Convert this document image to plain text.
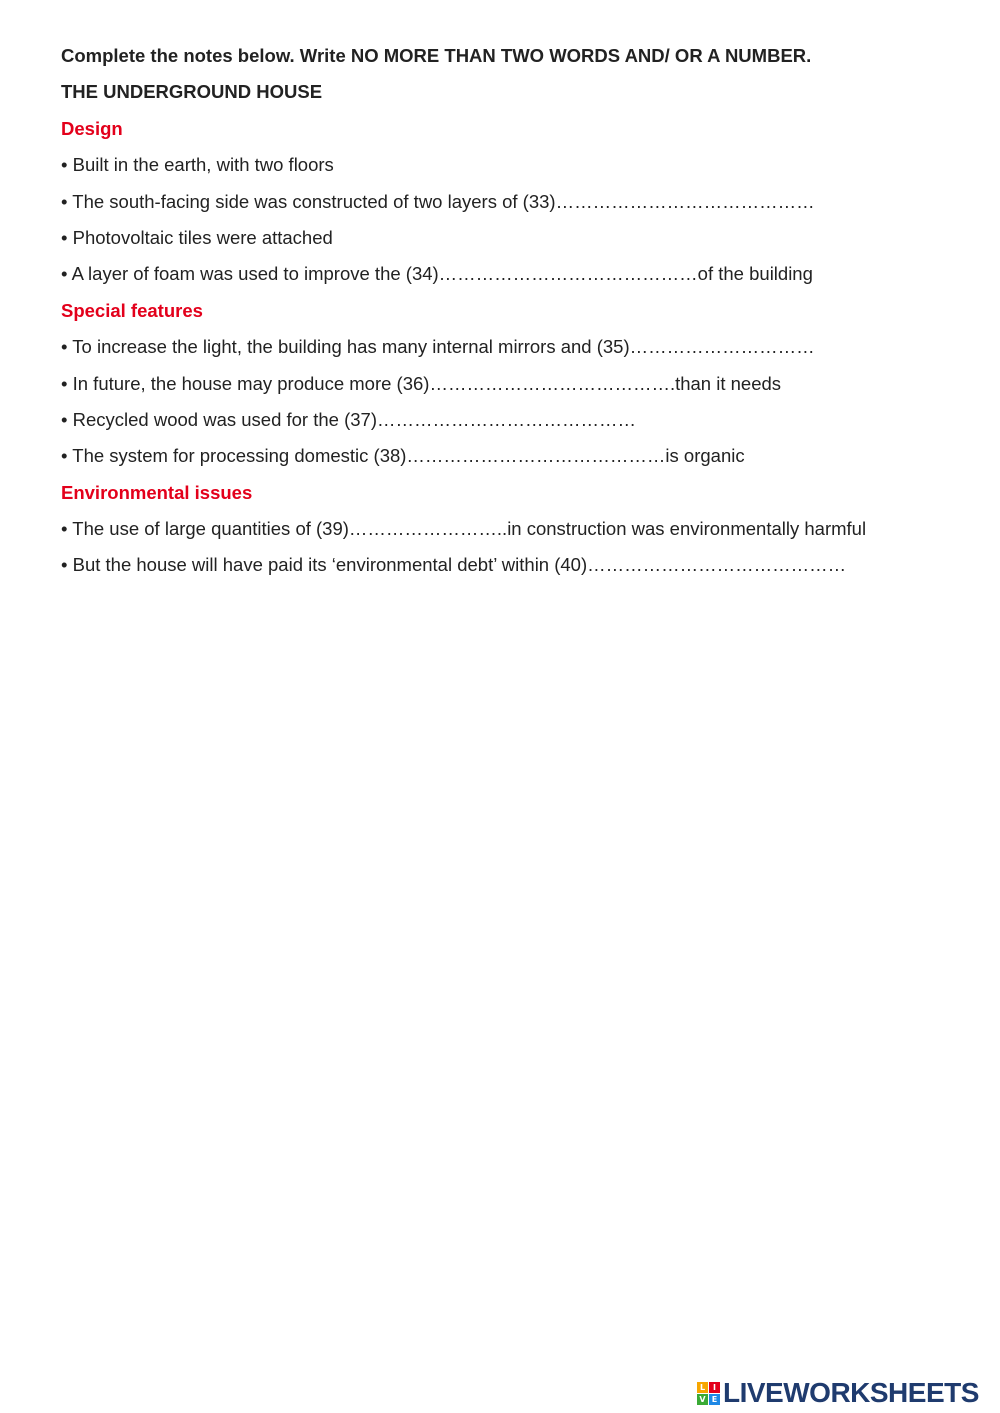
Complete the notes below. Write NO MORE THAN TWO WORDS AND/ OR A NUMBER.
THE UNDERGROUND HOUSE
Design
• Built in the earth, with two floors
• The south-facing side was constructed of two layers of (33)……………………………………
• Photovoltaic tiles were attached
• A layer of foam was used to improve the (34)……………………………………of the building
Special features
• To increase the light, the building has many internal mirrors and (35)…………………………
• In future, the house may produce more (36)………………………………….than it needs
• Recycled wood was used for the (37)……………………………………
• The system for processing domestic (38)……………………………………is organic
Environmental issues
• The use of large quantities of (39)……………………..in construction was environmentally harmful
• But the house will have paid its ‘environmental debt’ within (40)……………………………………
L I
V E LIVEWORKSHEETS
